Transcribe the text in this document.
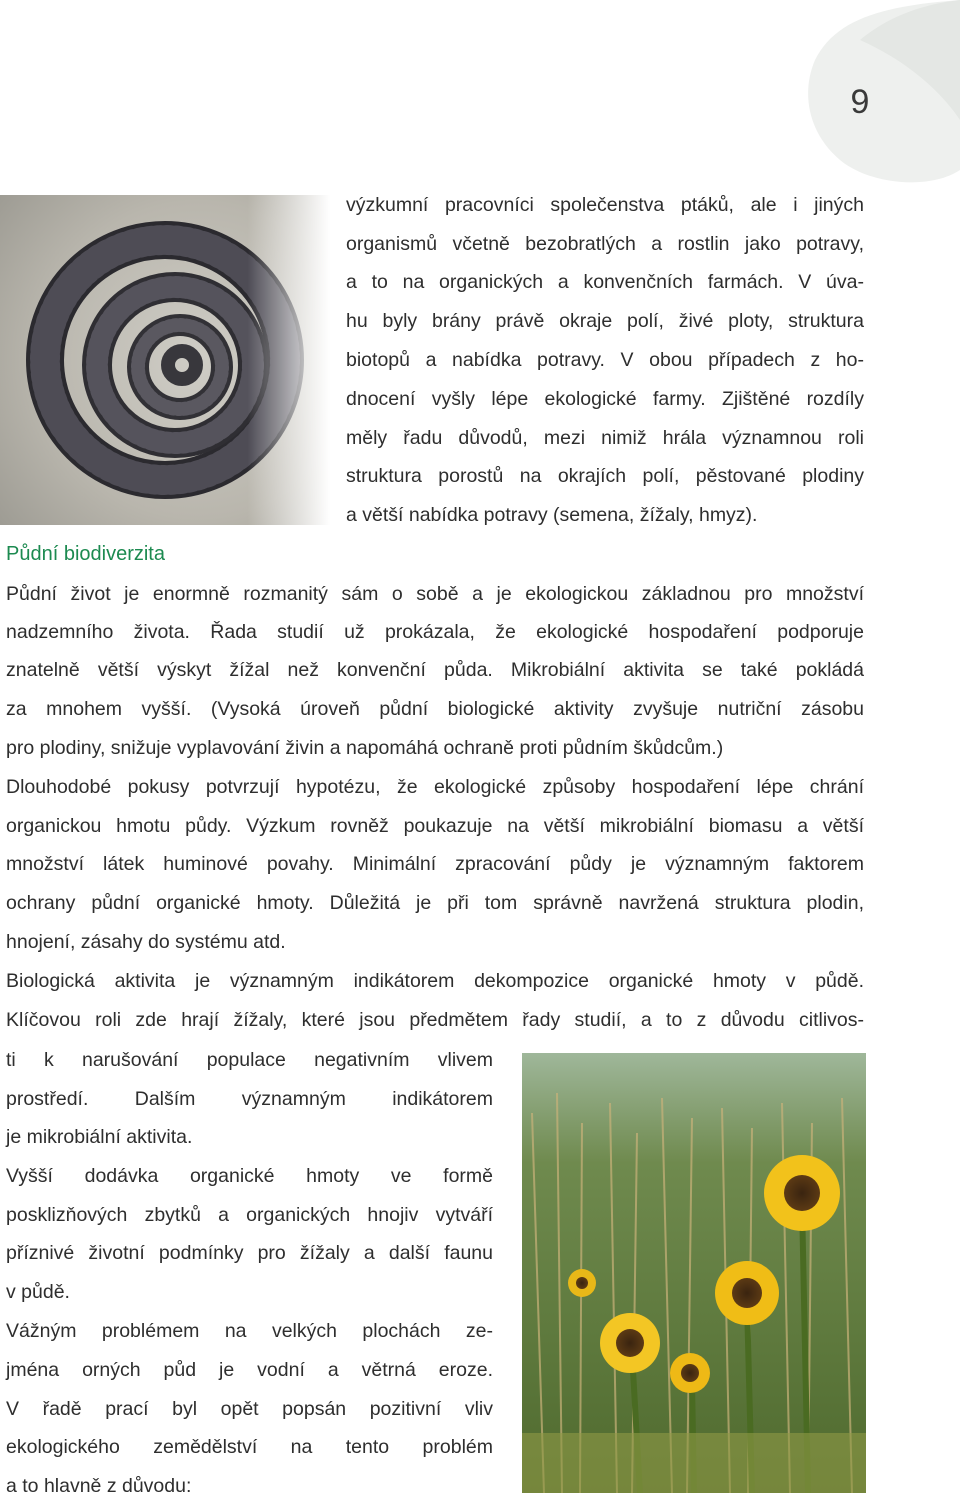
9

výzkumní pracovníci společenstva ptáků, ale i jiných

organismů včetně bezobratlých a rostlin jako potravy,

a to na organických a konvenčních farmách. V úva-

hu byly brány právě okraje polí, živé ploty, struktura

biotopů a nabídka potravy. V obou případech z ho-

dnocení vyšly lépe ekologické farmy. Zjištěné rozdíly

měly řadu důvodů, mezi nimiž hrála významnou roli

struktura porostů na okrajích polí, pěstované plodiny

a větší nabídka potravy (semena, žížaly, hmyz).

Půdní biodiverzita

Půdní život je enormně rozmanitý sám o sobě a je ekologickou základnou pro množství

nadzemního života. Řada studií už prokázala, že ekologické hospodaření podporuje

znatelně větší výskyt žížal než konvenční půda. Mikrobiální aktivita se také pokládá

za mnohem vyšší. (Vysoká úroveň půdní biologické aktivity zvyšuje nutriční zásobu

pro plodiny, snižuje vyplavování živin a napomáhá ochraně proti půdním škůdcům.)

Dlouhodobé pokusy potvrzují hypotézu, že ekologické způsoby hospodaření lépe chrání

organickou hmotu půdy. Výzkum rovněž poukazuje na větší mikrobiální biomasu a větší

množství látek huminové povahy. Minimální zpracování půdy je významným faktorem

ochrany půdní organické hmoty. Důležitá je při tom správně navržená struktura plodin,

hnojení, zásahy do systému atd.

Biologická aktivita je významným indikátorem dekompozice organické hmoty v půdě.

Klíčovou roli zde hrají žížaly, které jsou předmětem řady studií, a to z důvodu citlivos-

ti k narušování populace negativním vlivem

prostředí. Dalším významným indikátorem

je mikrobiální aktivita.

Vyšší dodávka organické hmoty ve formě

posklizňových zbytků a organických hnojiv vytváří

příznivé životní podmínky pro žížaly a další faunu

v půdě.

Vážným problémem na velkých plochách ze-

jména orných půd je vodní a větrná eroze.

V řadě prací byl opět popsán pozitivní vliv

ekologického zemědělství na tento problém

a to hlavně z důvodu:
